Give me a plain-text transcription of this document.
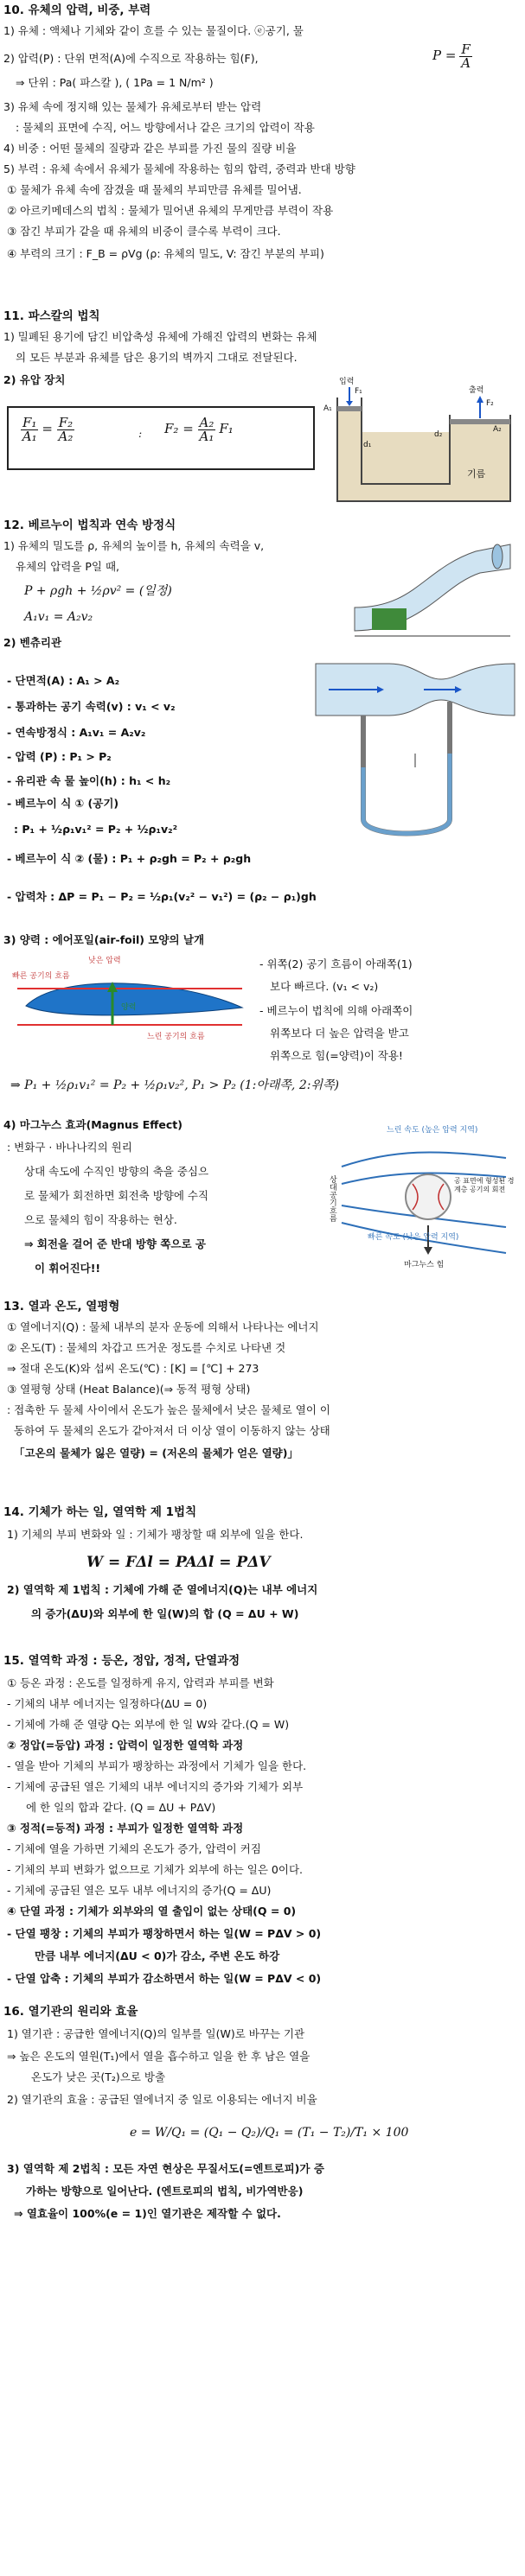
10. 유체의 압력, 비중, 부력
1) 유체 : 액체나 기체와 같이 흐를 수 있는 물질이다. ⓔ공기, 물
2) 압력(P) : 단위 면적(A)에 수직으로 작용하는 힘(F),	$P = \frac{F}{A}$
⇒ 단위 : Pa( 파스칼 ), ( 1Pa = 1 N/m² )
3) 유체 속에 정지해 있는 물체가 유체로부터 받는 압력
: 물체의 표면에 수직, 어느 방향에서나 같은 크기의 압력이 작용
4) 비중 : 어떤 물체의 질량과 같은 부피를 가진 물의 질량 비율
5) 부력 : 유체 속에서 유체가 물체에 작용하는 힘의 합력, 중력과 반대 방향
① 물체가 유체 속에 잠겼을 때 물체의 부피만큼 유체를 밀어냄.
② 아르키메데스의 법칙 : 물체가 밀어낸 유체의 무게만큼 부력이 작용
③ 잠긴 부피가 같을 때 유체의 비중이 클수록 부력이 크다.
④ 부력의 크기 : F_B = ρVg (ρ: 유체의 밀도, V: 잠긴 부분의 부피)
11. 파스칼의 법칙
1) 밀폐된 용기에 담긴 비압축성 유체에 가해진 압력의 변화는 유체
의 모든 부분과 유체를 담은 용기의 벽까지 그대로 전달된다.
2) 유압 장치
$\frac{\text{F₁}}{\text{A₁}} = \frac{\text{F₂}}{\text{A₂}}$	: $F_2 = \frac{\text{A₂}}{\text{A₁}} F_1$
입력
출력
F₁
F₂
A₁
A₂
d₁
d₂
기름
12. 베르누이 법칙과 연속 방정식
1) 유체의 밀도를 ρ, 유체의 높이를 h, 유체의 속력을 v,
유체의 압력을 P일 때,
P + ρgh + ½ρv² = (일정)
A₁v₁ = A₂v₂
2) 벤츄리관
- 단면적(A) : A₁ > A₂
- 통과하는 공기 속력(v) : v₁ < v₂
- 연속방정식 : A₁v₁ = A₂v₂
- 압력 (P) : P₁ > P₂
- 유리관 속 물 높이(h) : h₁ < h₂
- 베르누이 식 ① (공기)
: P₁ + ½ρ₁v₁² = P₂ + ½ρ₁v₂²
- 베르누이 식 ② (물) : P₁ + ρ₂gh = P₂ + ρ₂gh
- 압력차 : ΔP = P₁ − P₂ = ½ρ₁(v₂² − v₁²) = (ρ₂ − ρ₁)gh
3) 양력 : 에어포일(air-foil) 모양의 날개
낮은 압력
빠른 공기의 흐름
양력
느린 공기의 흐름
- 위쪽(2) 공기 흐름이 아래쪽(1)
보다 빠르다. (v₁ < v₂)
- 베르누이 법칙에 의해 아래쪽이
위쪽보다 더 높은 압력을 받고
위쪽으로 힘(=양력)이 작용!
⇒ P₁ + ½ρ₁v₁² = P₂ + ½ρ₁v₂², P₁ > P₂ (1:아래쪽, 2:위쪽)
4) 마그누스 효과(Magnus Effect)
: 변화구 · 바나나킥의 원리
상대 속도에 수직인 방향의 축을 중심으
로 물체가 회전하면 회전축 방향에 수직
으로 물체의 힘이 작용하는 현상.
⇒ 회전을 걸어 준 반대 방향 쪽으로 공
이 휘어진다!!
느린 속도 (높은 압력 지역)
상대 공기 흐름
공 표면에 형성된 경계층 공기의 회전
빠른 속도 (낮은 압력 지역)
마그누스 힘
13. 열과 온도, 열평형
① 열에너지(Q) : 물체 내부의 분자 운동에 의해서 나타나는 에너지
② 온도(T) : 물체의 차갑고 뜨거운 정도를 수치로 나타낸 것
⇒ 절대 온도(K)와 섭씨 온도(℃) : [K] = [℃] + 273
③ 열평형 상태 (Heat Balance)(⇒ 동적 평형 상태)
: 접촉한 두 물체 사이에서 온도가 높은 물체에서 낮은 물체로 열이 이
동하여 두 물체의 온도가 같아져서 더 이상 열이 이동하지 않는 상태
「고온의 물체가 잃은 열량) = (저온의 물체가 얻은 열량)」
14. 기체가 하는 일, 열역학 제 1법칙
1) 기체의 부피 변화와 일 : 기체가 팽창할 때 외부에 일을 한다.
W = FΔl = PAΔl = PΔV
2) 열역학 제 1법칙 : 기체에 가해 준 열에너지(Q)는 내부 에너지
의 증가(ΔU)와 외부에 한 일(W)의 합 (Q = ΔU + W)
15. 열역학 과정 : 등온, 정압, 정적, 단열과정
① 등온 과정 : 온도를 일정하게 유지, 압력과 부피를 변화
- 기체의 내부 에너지는 일정하다(ΔU = 0)
- 기체에 가해 준 열량 Q는 외부에 한 일 W와 같다.(Q = W)
② 정압(=등압) 과정 : 압력이 일정한 열역학 과정
- 열을 받아 기체의 부피가 팽창하는 과정에서 기체가 일을 한다.
- 기체에 공급된 열은 기체의 내부 에너지의 증가와 기체가 외부
에 한 일의 합과 같다. (Q = ΔU + PΔV)
③ 정적(=등적) 과정 : 부피가 일정한 열역학 과정
- 기체에 열을 가하면 기체의 온도가 증가, 압력이 커짐
- 기체의 부피 변화가 없으므로 기체가 외부에 하는 일은 0이다.
- 기체에 공급된 열은 모두 내부 에너지의 증가(Q = ΔU)
④ 단열 과정 : 기체가 외부와의 열 출입이 없는 상태(Q = 0)
- 단열 팽창 : 기체의 부피가 팽창하면서 하는 일(W = PΔV > 0)
만큼 내부 에너지(ΔU < 0)가 감소, 주변 온도 하강
- 단열 압축 : 기체의 부피가 감소하면서 하는 일(W = PΔV < 0)
16. 열기관의 원리와 효율
1) 열기관 : 공급한 열에너지(Q)의 일부를 일(W)로 바꾸는 기관
⇒ 높은 온도의 열원(T₁)에서 열을 흡수하고 일을 한 후 남은 열을
온도가 낮은 곳(T₂)으로 방출
2) 열기관의 효율 : 공급된 열에너지 중 일로 이용되는 에너지 비율
e = W/Q₁ = (Q₁ − Q₂)/Q₁ = (T₁ − T₂)/T₁ × 100
3) 열역학 제 2법칙 : 모든 자연 현상은 무질서도(=엔트로피)가 증
가하는 방향으로 일어난다. (엔트로피의 법칙, 비가역반응)
⇒ 열효율이 100%(e = 1)인 열기관은 제작할 수 없다.
